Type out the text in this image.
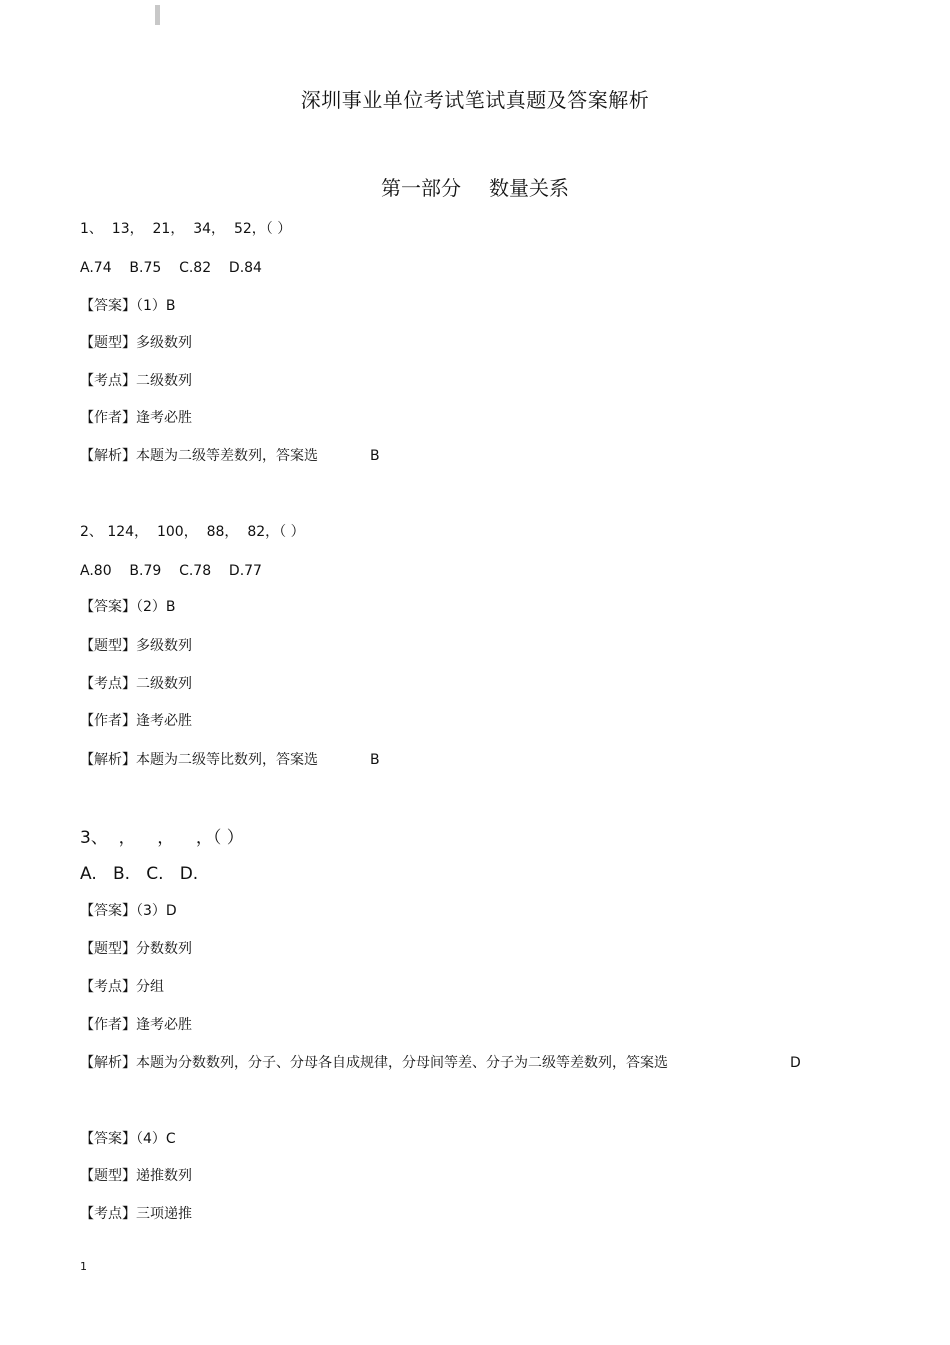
深圳事业单位考试笔试真题及答案解析
第一部分 数量关系
1、  13，  21，  34，  52，（ ）
A.74    B.75    C.82    D.84
【答案】（1）B
【题型】多级数列
【考点】二级数列
【作者】逢考必胜
【解析】本题为二级等差数列，答案选	B
2、 124，  100，  88，  82，（ ）
A.80    B.79    C.78    D.77
【答案】（2）B
【题型】多级数列
【考点】二级数列
【作者】逢考必胜
【解析】本题为二级等比数列，答案选	B
3、  ，    ，    ，（ ）
A.   B.   C.   D.
【答案】（3）D
【题型】分数数列
【考点】分组
【作者】逢考必胜
【解析】本题为分数数列，分子、分母各自成规律，分母间等差、分子为二级等差数列，答案选	D
【答案】（4）C
【题型】递推数列
【考点】三项递推
1
